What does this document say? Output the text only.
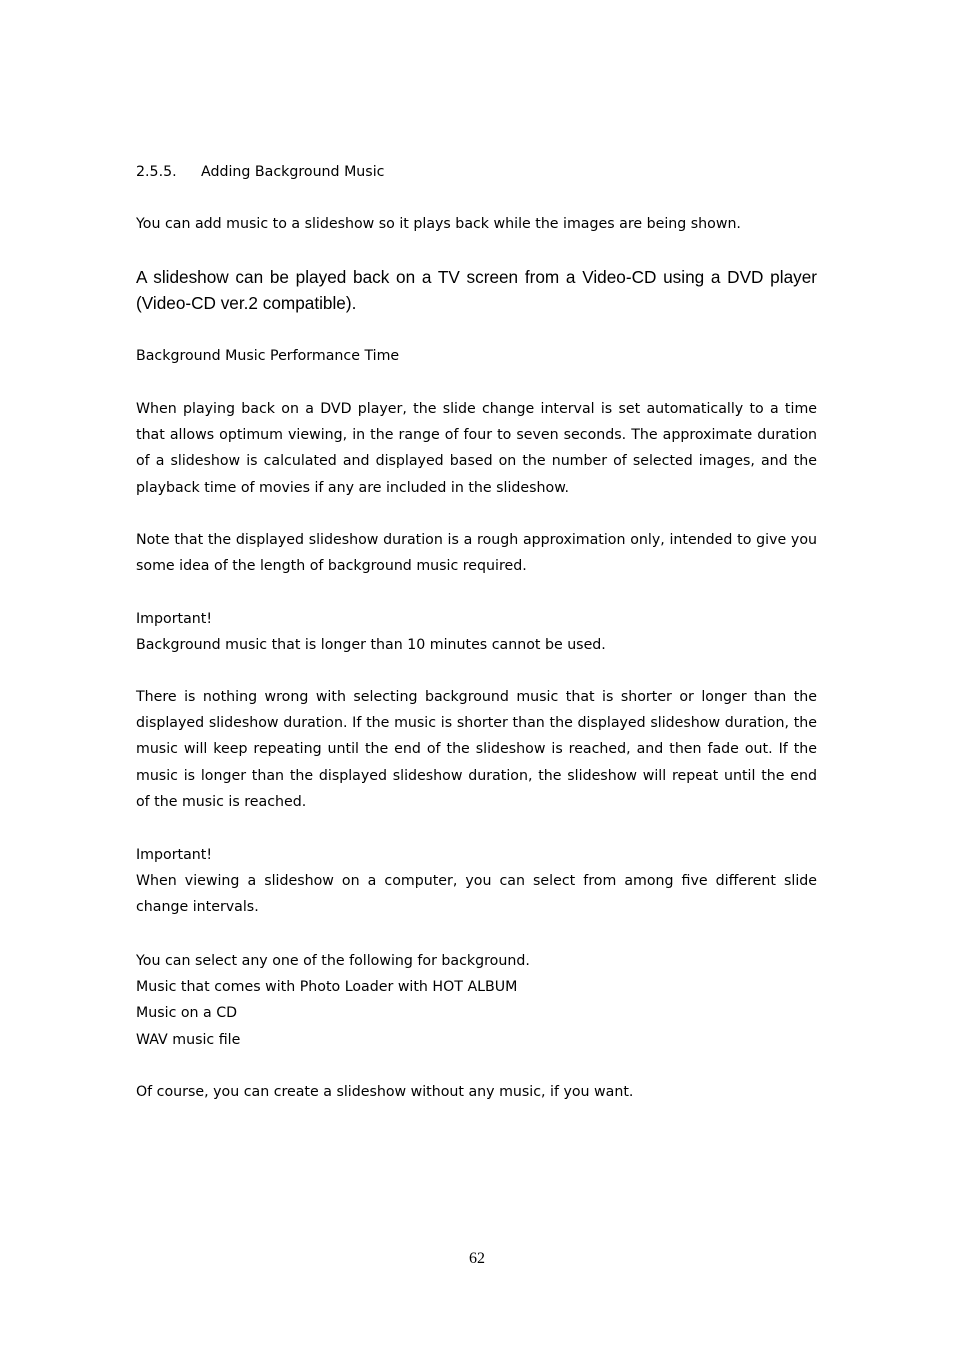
2.5.5. Adding Background Music

You can add music to a slideshow so it plays back while the images are being shown.

A slideshow can be played back on a TV screen from a Video-CD using a DVD player (Video-CD ver.2 compatible).

Background Music Performance Time

When playing back on a DVD player, the slide change interval is set automatically to a time that allows optimum viewing, in the range of four to seven seconds. The approximate duration of a slideshow is calculated and displayed based on the number of selected images, and the playback time of movies if any are included in the slideshow.

Note that the displayed slideshow duration is a rough approximation only, intended to give you some idea of the length of background music required.

Important!
Background music that is longer than 10 minutes cannot be used.

There is nothing wrong with selecting background music that is shorter or longer than the displayed slideshow duration. If the music is shorter than the displayed slideshow duration, the music will keep repeating until the end of the slideshow is reached, and then fade out. If the music is longer than the displayed slideshow duration, the slideshow will repeat until the end of the music is reached.

Important!
When viewing a slideshow on a computer, you can select from among five different slide change intervals.
You can select any one of the following for background.
Music that comes with Photo Loader with HOT ALBUM
Music on a CD
WAV music file

Of course, you can create a slideshow without any music, if you want.

62
